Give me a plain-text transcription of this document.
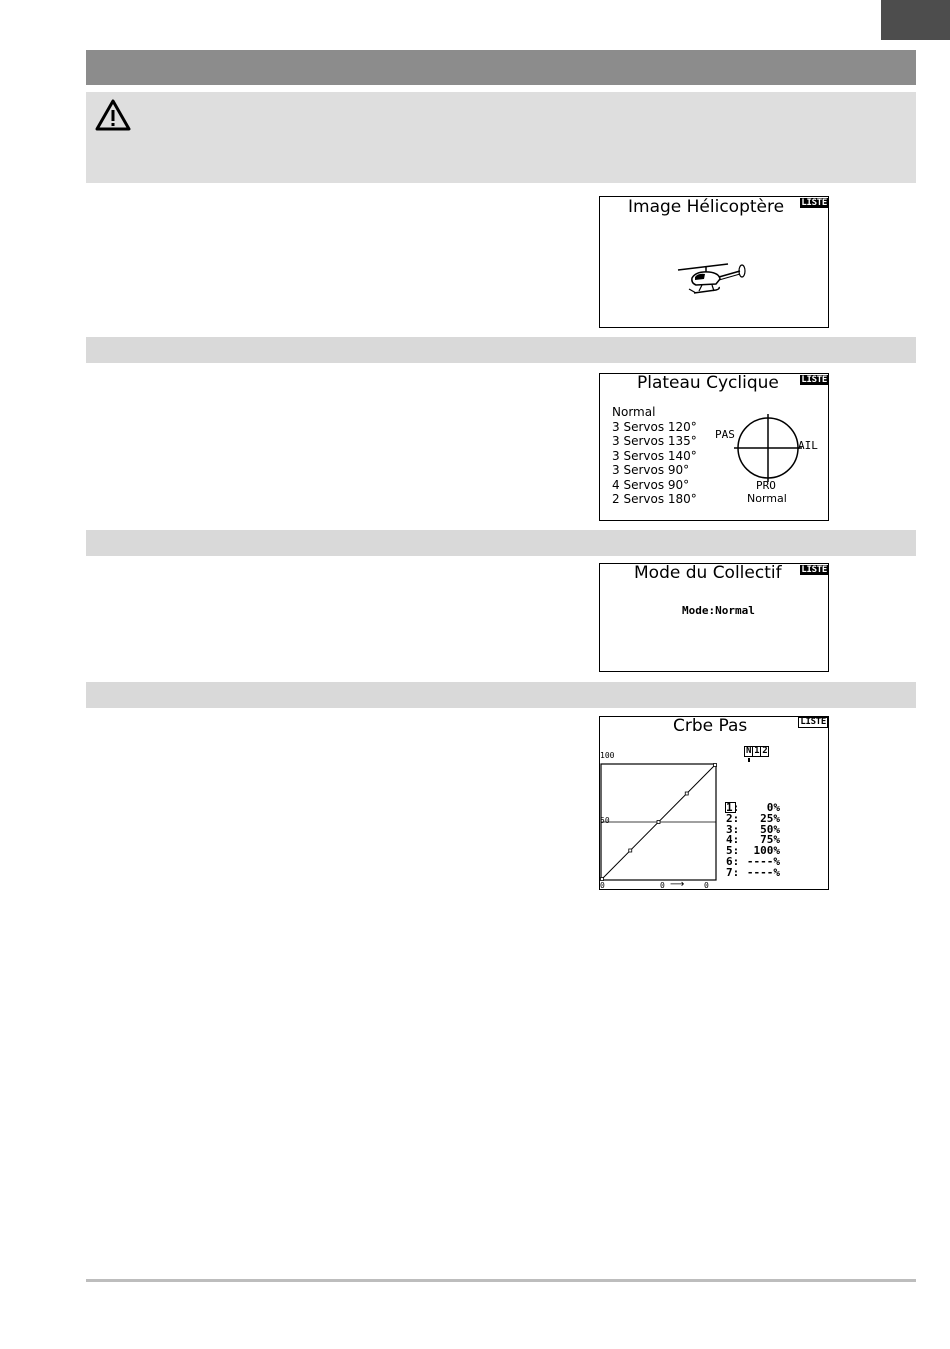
Image Hélicoptère LISTE
Plateau Cyclique	LISTE
Normal
3 Servos 120°
3 Servos 135°
3 Servos 140°
3 Servos 90°
4 Servos 90°
2 Servos 180°
PAS
AIL
PRO
Normal
Mode du Collectif LISTE
Mode:Normal
Crbe Pas	LISTE
N 1 2
100
50
0	0 ⟶ 0
1:	0%
2: 25%
3: 50%
4: 75%
5: 100%
6: ----%
7: ----%
